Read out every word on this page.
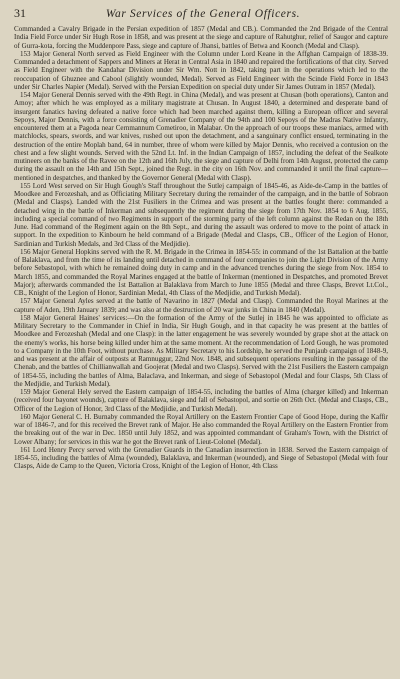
31	War Services of the General Officers.

Commanded a Cavalry Brigade in the Persian expedition of 1857 (Medal and CB.). Commanded the 2nd Brigade of the Central India Field Force under Sir Hugh Rose in 1858, and was present at the siege and capture of Rahutghur, relief of Saugor and capture of Gurra-kota, forcing the Muddenpore Pass, siege and capture of Jhansi, battles of Betwa and Koonch (Medal and Clasp).

153 Major General North served as Field Engineer with the Column under Lord Keane in the Affghan Campaign of 1838-39. Commanded a detachment of Sappers and Miners at Herat in Central Asia in 1840 and repaired the fortifications of that city. Served as Field Engineer with the Kandahar Division under Sir Wm. Nott in 1842, taking part in the operations which led to the reoccupation of Ghuznee and Cabool (slightly wounded, Medal). Served as Field Engineer with the Scinde Field Force in 1843 under Sir Charles Napier (Medal). Served with the Persian Expedition on special duty under Sir James Outram in 1857 (Medal).

154 Major General Dennis served with the 49th Regt. in China (Medal), and was present at Chusan (both operations), Canton and Amoy; after which he was employed as a military magistrate at Chusan. In August 1840, a determined and desperate band of insurgent fanatics having defeated a native force which had been marched against them, killing a European officer and several Sepoys, Major Dennis, with a force consisting of Grenadier Company of the 94th and 100 Sepoys of the Madras Native Infantry, encountered them at a Pagoda near Cernmannum Cometiroo, in Malabar. On the approach of our troops these maniacs, armed with matchlocks, spears, swords, and war knives, rushed out upon the detachment, and a sanguinary conflict ensued, terminating in the destruction of the entire Moplah band, 64 in number, three of whom were killed by Major Dennis, who received a contusion on the chest and a few slight wounds. Served with the 52nd Lt. Inf. in the Indian Campaign of 1857, including the defeat of the Sealkote mutineers on the banks of the Ravee on the 12th and 16th July, the siege and capture of Delhi from 14th August, protected the camp during the assault on the 14th and 15th Sept., joined the Regt. in the city on 16th Nov. and commanded it until the final capture—mentioned in despatches, and thanked by the Governor General (Medal with Clasp).

155 Lord West served on Sir Hugh Gough's Staff throughout the Sutlej campaign of 1845-46, as Aide-de-Camp in the battles of Moodkee and Ferozeshah, and as Officiating Military Secretary during the remainder of the campaign, and in the battle of Sobraon (Medal and Clasps). Landed with the 21st Fusiliers in the Crimea and was present at the battles fought there: commanded a detached wing in the battle of Inkerman and subsequently the regiment during the siege from 17th Nov. 1854 to 6 Aug. 1855, including a special command of two Regiments in support of the storming party of the left column against the Redan on the 18th June. Had command of the Regiment again on the 8th Sept., and during the assault was ordered to move to the point of attack in support. In the expedition to Kinbourn he held command of a Brigade (Medal and Clasps, CB., Officer of the Legion of Honor, Sardinian and Turkish Medals, and 3rd Class of the Medjidie).

156 Major General Hopkins served with the R. M. Brigade in the Crimea in 1854-55: in command of the 1st Battalion at the battle of Balaklava, and from the time of its landing until detached in command of four companies to join the Light Division of the Army before Sebastopol, with which he remained doing duty in camp and in the advanced trenches during the siege from Nov. 1854 to March 1855, and commanded the Royal Marines engaged at the battle of Inkerman (mentioned in Despatches, and promoted Brevet Major); afterwards commanded the 1st Battalion at Balaklava from March to June 1855 (Medal and three Clasps, Brevet Lt.Col., CB., Knight of the Legion of Honor, Sardinian Medal, 4th Class of the Medjidie, and Turkish Medal).

157 Major General Ayles served at the battle of Navarino in 1827 (Medal and Clasp). Commanded the Royal Marines at the capture of Aden, 19th January 1839; and was also at the destruction of 20 war junks in China in 1840 (Medal).

158 Major General Haines' services:—On the formation of the Army of the Sutlej in 1845 he was appointed to officiate as Military Secretary to the Commander in Chief in India, Sir Hugh Gough, and in that capacity he was present at the battles of Moodkee and Ferozeshah (Medal and one Clasp): in the latter engagement he was severely wounded by grape shot at the attack on the enemy's works, his horse being killed under him at the same moment. At the recommendation of Lord Gough, he was promoted to a Company in the 10th Foot, without purchase. As Military Secretary to his Lordship, he served the Punjaub campaign of 1848-9, and was present at the affair of outposts at Ramnuggur, 22nd Nov. 1848, and subsequent operations resulting in the passage of the Chenab, and the battles of Chillianwallah and Goojerat (Medal and two Clasps). Served with the 21st Fusiliers the Eastern campaign of 1854-55, including the battles of Alma, Balaclava, and Inkerman, and siege of Sebastopol (Medal and four Clasps, 5th Class of the Medjidie, and Turkish Medal).

159 Major General Hely served the Eastern campaign of 1854-55, including the battles of Alma (charger killed) and Inkerman (received four bayonet wounds), capture of Balaklava, siege and fall of Sebastopol, and sortie on 26th Oct. (Medal and Clasps, CB., Officer of the Legion of Honor, 3rd Class of the Medjidie, and Turkish Medal).

160 Major General C. H. Burnaby commanded the Royal Artillery on the Eastern Frontier Cape of Good Hope, during the Kaffir war of 1846-7, and for this received the Brevet rank of Major. He also commanded the Royal Artillery on the Eastern Frontier from the breaking out of the war in Dec. 1850 until July 1852, and was appointed commandant of Graham's Town, with the District of Lower Albany; for services in this war he got the Brevet rank of Lieut-Colonel (Medal).

161 Lord Henry Percy served with the Grenadier Guards in the Canadian insurrection in 1838. Served the Eastern campaign of 1854-55, including the battles of Alma (wounded), Balaklava, and Inkerman (wounded), and Siege of Sebastopol (Medal with four Clasps, Aide de Camp to the Queen, Victoria Cross, Knight of the Legion of Honor, 4th Class
